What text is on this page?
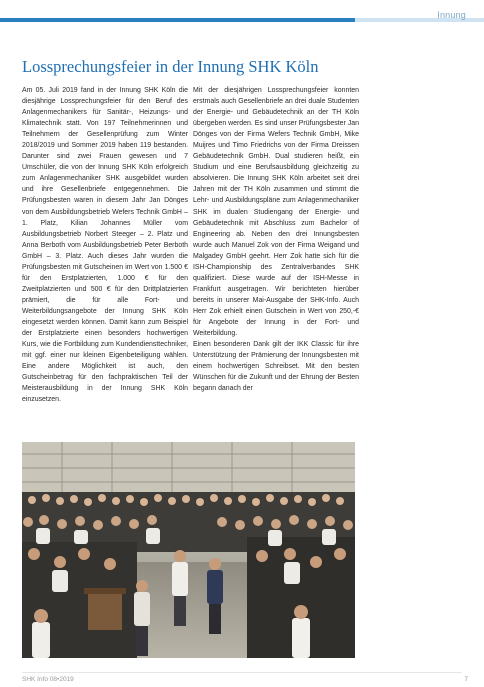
Innung
Lossprechungsfeier in der Innung SHK Köln

Am 05. Juli 2019 fand in der Innung SHK Köln die diesjährige Lossprechungsfeier für den Beruf des Anlagenmechanikers für Sanitär-, Heizungs- und Klimatechnik statt. Von 197 Teilnehmerinnen und Teilnehmern der Gesellenprüfung zum Winter 2018/2019 und Sommer 2019 haben 119 bestanden. Darunter sind zwei Frauen gewesen und 7 Umschüler, die von der Innung SHK Köln erfolgreich zum Anlagenmechaniker SHK ausgebildet wurden und ihre Gesellenbriefe entgegennehmen. Die Prüfungsbesten waren in diesem Jahr Jan Dönges von dem Ausbildungsbetrieb Wefers Technik GmbH – 1. Platz, Kilian Johannes Müller vom Ausbildungsbetrieb Norbert Steeger – 2. Platz und Anna Berboth vom Ausbildungsbetrieb Peter Berboth GmbH – 3. Platz. Auch dieses Jahr wurden die Prüfungsbesten mit Gutscheinen im Wert von 1.500 € für den Erstplatzierten, 1.000 € für den Zweitplatzierten und 500 € für den Drittplatzierten prämiert, die für alle Fort- und Weiterbildungsangebote der Innung SHK Köln eingesetzt werden können. Damit kann zum Beispiel der Erstplatzierte einen besonders hochwertigen Kurs, wie die Fortbildung zum Kundendiensttechniker, mit ggf. einer nur kleinen Eigenbeteiligung wählen. Eine andere Möglichkeit ist auch, den Gutscheinbetrag für den fachpraktischen Teil der Meisterausbildung in der Innung SHK Köln einzusetzen.

Mit der diesjährigen Lossprechungsfeier konnten erstmals auch Gesellenbriefe an drei duale Studenten der Energie- und Gebäudetechnik an der TH Köln übergeben werden. Es sind unser Prüfungsbester Jan Dönges von der Firma Wefers Technik GmbH, Mike Muijres und Timo Friedrichs von der Firma Dreissen Gebäudetechnik GmbH. Dual studieren heißt, ein Studium und eine Berufsausbildung gleichzeitig zu absolvieren. Die Innung SHK Köln arbeitet seit drei Jahren mit der TH Köln zusammen und stimmt die Lehr- und Ausbildungspläne zum Anlagenmechaniker SHK im dualen Studiengang der Energie- und Gebäudetechnik mit Abschluss zum Bachelor of Engineering ab. Neben den drei Innungsbesten wurde auch Manuel Zok von der Firma Weigand und Malgadey GmbH geehrt. Herr Zok hatte sich für die ISH-Championship des Zentralverbandes SHK qualifiziert. Diese wurde auf der ISH-Messe in Frankfurt ausgetragen. Wir berichteten hierüber bereits in unserer Mai-Ausgabe der SHK-Info. Auch Herr Zok erhielt einen Gutschein in Wert von 250,-€ für Angebote der Innung in der Fort- und Weiterbildung.

Einen besonderen Dank gilt der IKK Classic für ihre Unterstützung der Prämierung der Innungsbesten mit einem hochwertigen Schreibset. Mit den besten Wünschen für die Zukunft und der Ehrung der Besten begann danach der

SHK Info 08•2019	7
